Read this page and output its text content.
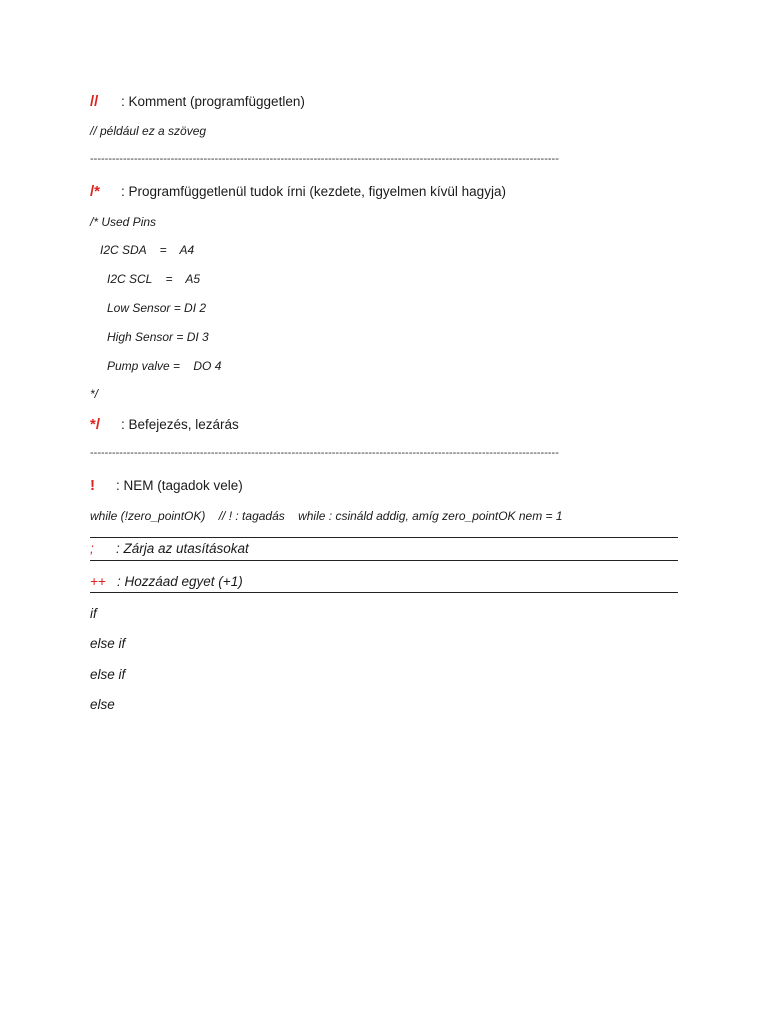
// : Komment (programfüggetlen)
// például ez a szöveg
--------------------------------------------------------------------------------------------------------------------------------
/* : Programfüggetlenül tudok írni (kezdete, figyelmen kívül hagyja)
/* Used Pins
I2C SDA    =    A4
I2C SCL    =    A5
Low Sensor = DI 2
High Sensor = DI 3
Pump valve =    DO 4
*/
*/ : Befejezés, lezárás
--------------------------------------------------------------------------------------------------------------------------------
! : NEM (tagadok vele)
while (!zero_pointOK)    // ! : tagadás    while : csináld addig, amíg zero_pointOK nem = 1
; : Zárja az utasításokat
++ : Hozzáad egyet (+1)
if
else if
else if
else
